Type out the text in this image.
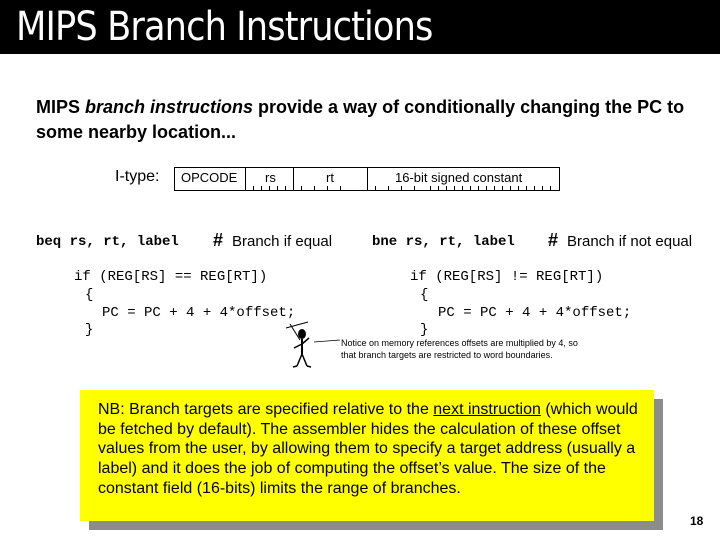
MIPS Branch Instructions
MIPS branch instructions provide a way of conditionally changing the PC to some nearby location...
I-type: OPCODE rs	rt	16-bit signed constant
beq rs, rt, label # Branch if equal	bne rs, rt, label # Branch if not equal
if (REG[RS] == REG[RT])
{
PC = PC + 4 + 4*offset;
}
if (REG[RS] != REG[RT])
{
PC = PC + 4 + 4*offset;
}
Notice on memory references offsets are multiplied by 4, so that branch targets are restricted to word boundaries.
NB: Branch targets are specified relative to the next instruction (which would be fetched by default). The assembler hides the calculation of these offset values from the user, by allowing them to specify a target address (usually a label) and it does the job of computing the offset’s value. The size of the constant field (16-bits) limits the range of branches.
18
